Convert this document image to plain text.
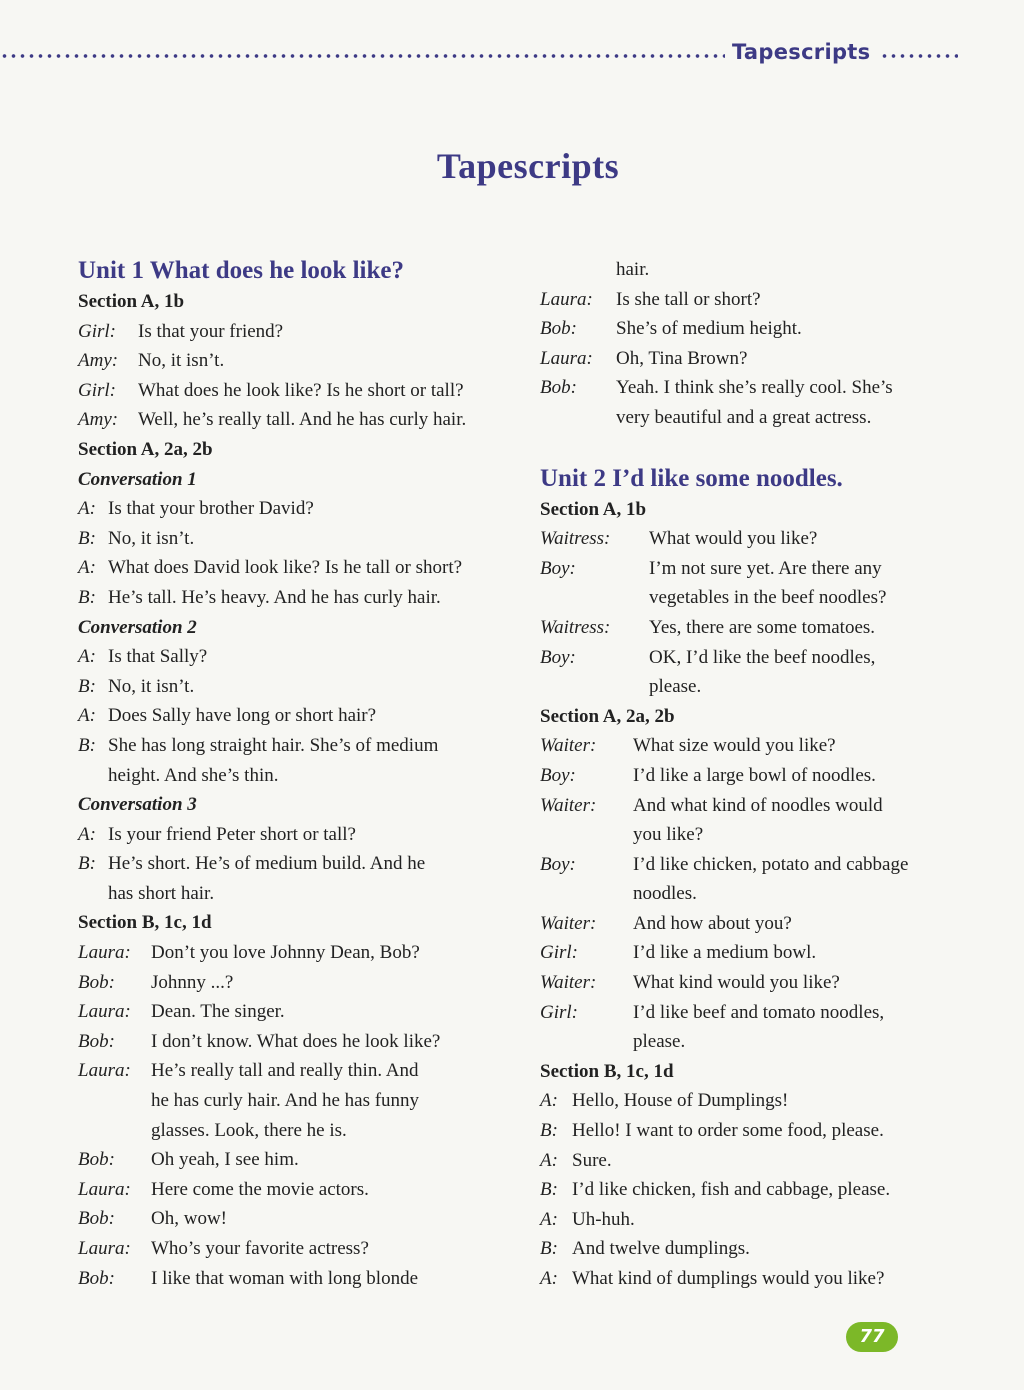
Tapescripts
Tapescripts
Unit 1 What does he look like?
Section A, 1b
Girl: Is that your friend?
Amy: No, it isn’t.
Girl: What does he look like? Is he short or tall?
Amy: Well, he’s really tall. And he has curly hair.
Section A, 2a, 2b
Conversation 1
A: Is that your brother David?
B: No, it isn’t.
A: What does David look like? Is he tall or short?
B: He’s tall. He’s heavy. And he has curly hair.
Conversation 2
A: Is that Sally?
B: No, it isn’t.
A: Does Sally have long or short hair?
B: She has long straight hair. She’s of medium
height. And she’s thin.
Conversation 3
A: Is your friend Peter short or tall?
B: He’s short. He’s of medium build. And he
has short hair.
Section B, 1c, 1d
Laura: Don’t you love Johnny Dean, Bob?
Bob: Johnny ...?
Laura: Dean. The singer.
Bob: I don’t know. What does he look like?
Laura: He’s really tall and really thin. And
he has curly hair. And he has funny
glasses. Look, there he is.
Bob: Oh yeah, I see him.
Laura: Here come the movie actors.
Bob: Oh, wow!
Laura: Who’s your favorite actress?
Bob: I like that woman with long blonde
hair.
Laura: Is she tall or short?
Bob: She’s of medium height.
Laura: Oh, Tina Brown?
Bob: Yeah. I think she’s really cool. She’s
very beautiful and a great actress.
Unit 2 I’d like some noodles.
Section A, 1b
Waitress: What would you like?
Boy:	I’m not sure yet. Are there any
vegetables in the beef noodles?
Waitress: Yes, there are some tomatoes.
Boy:	OK, I’d like the beef noodles,
please.
Section A, 2a, 2b
Waiter: What size would you like?
Boy:	I’d like a large bowl of noodles.
Waiter: And what kind of noodles would
you like?
Boy:	I’d like chicken, potato and cabbage
noodles.
Waiter: And how about you?
Girl:	I’d like a medium bowl.
Waiter: What kind would you like?
Girl:	I’d like beef and tomato noodles,
please.
Section B, 1c, 1d
A: Hello, House of Dumplings!
B: Hello! I want to order some food, please.
A: Sure.
B: I’d like chicken, fish and cabbage, please.
A: Uh-huh.
B: And twelve dumplings.
A: What kind of dumplings would you like?
77
